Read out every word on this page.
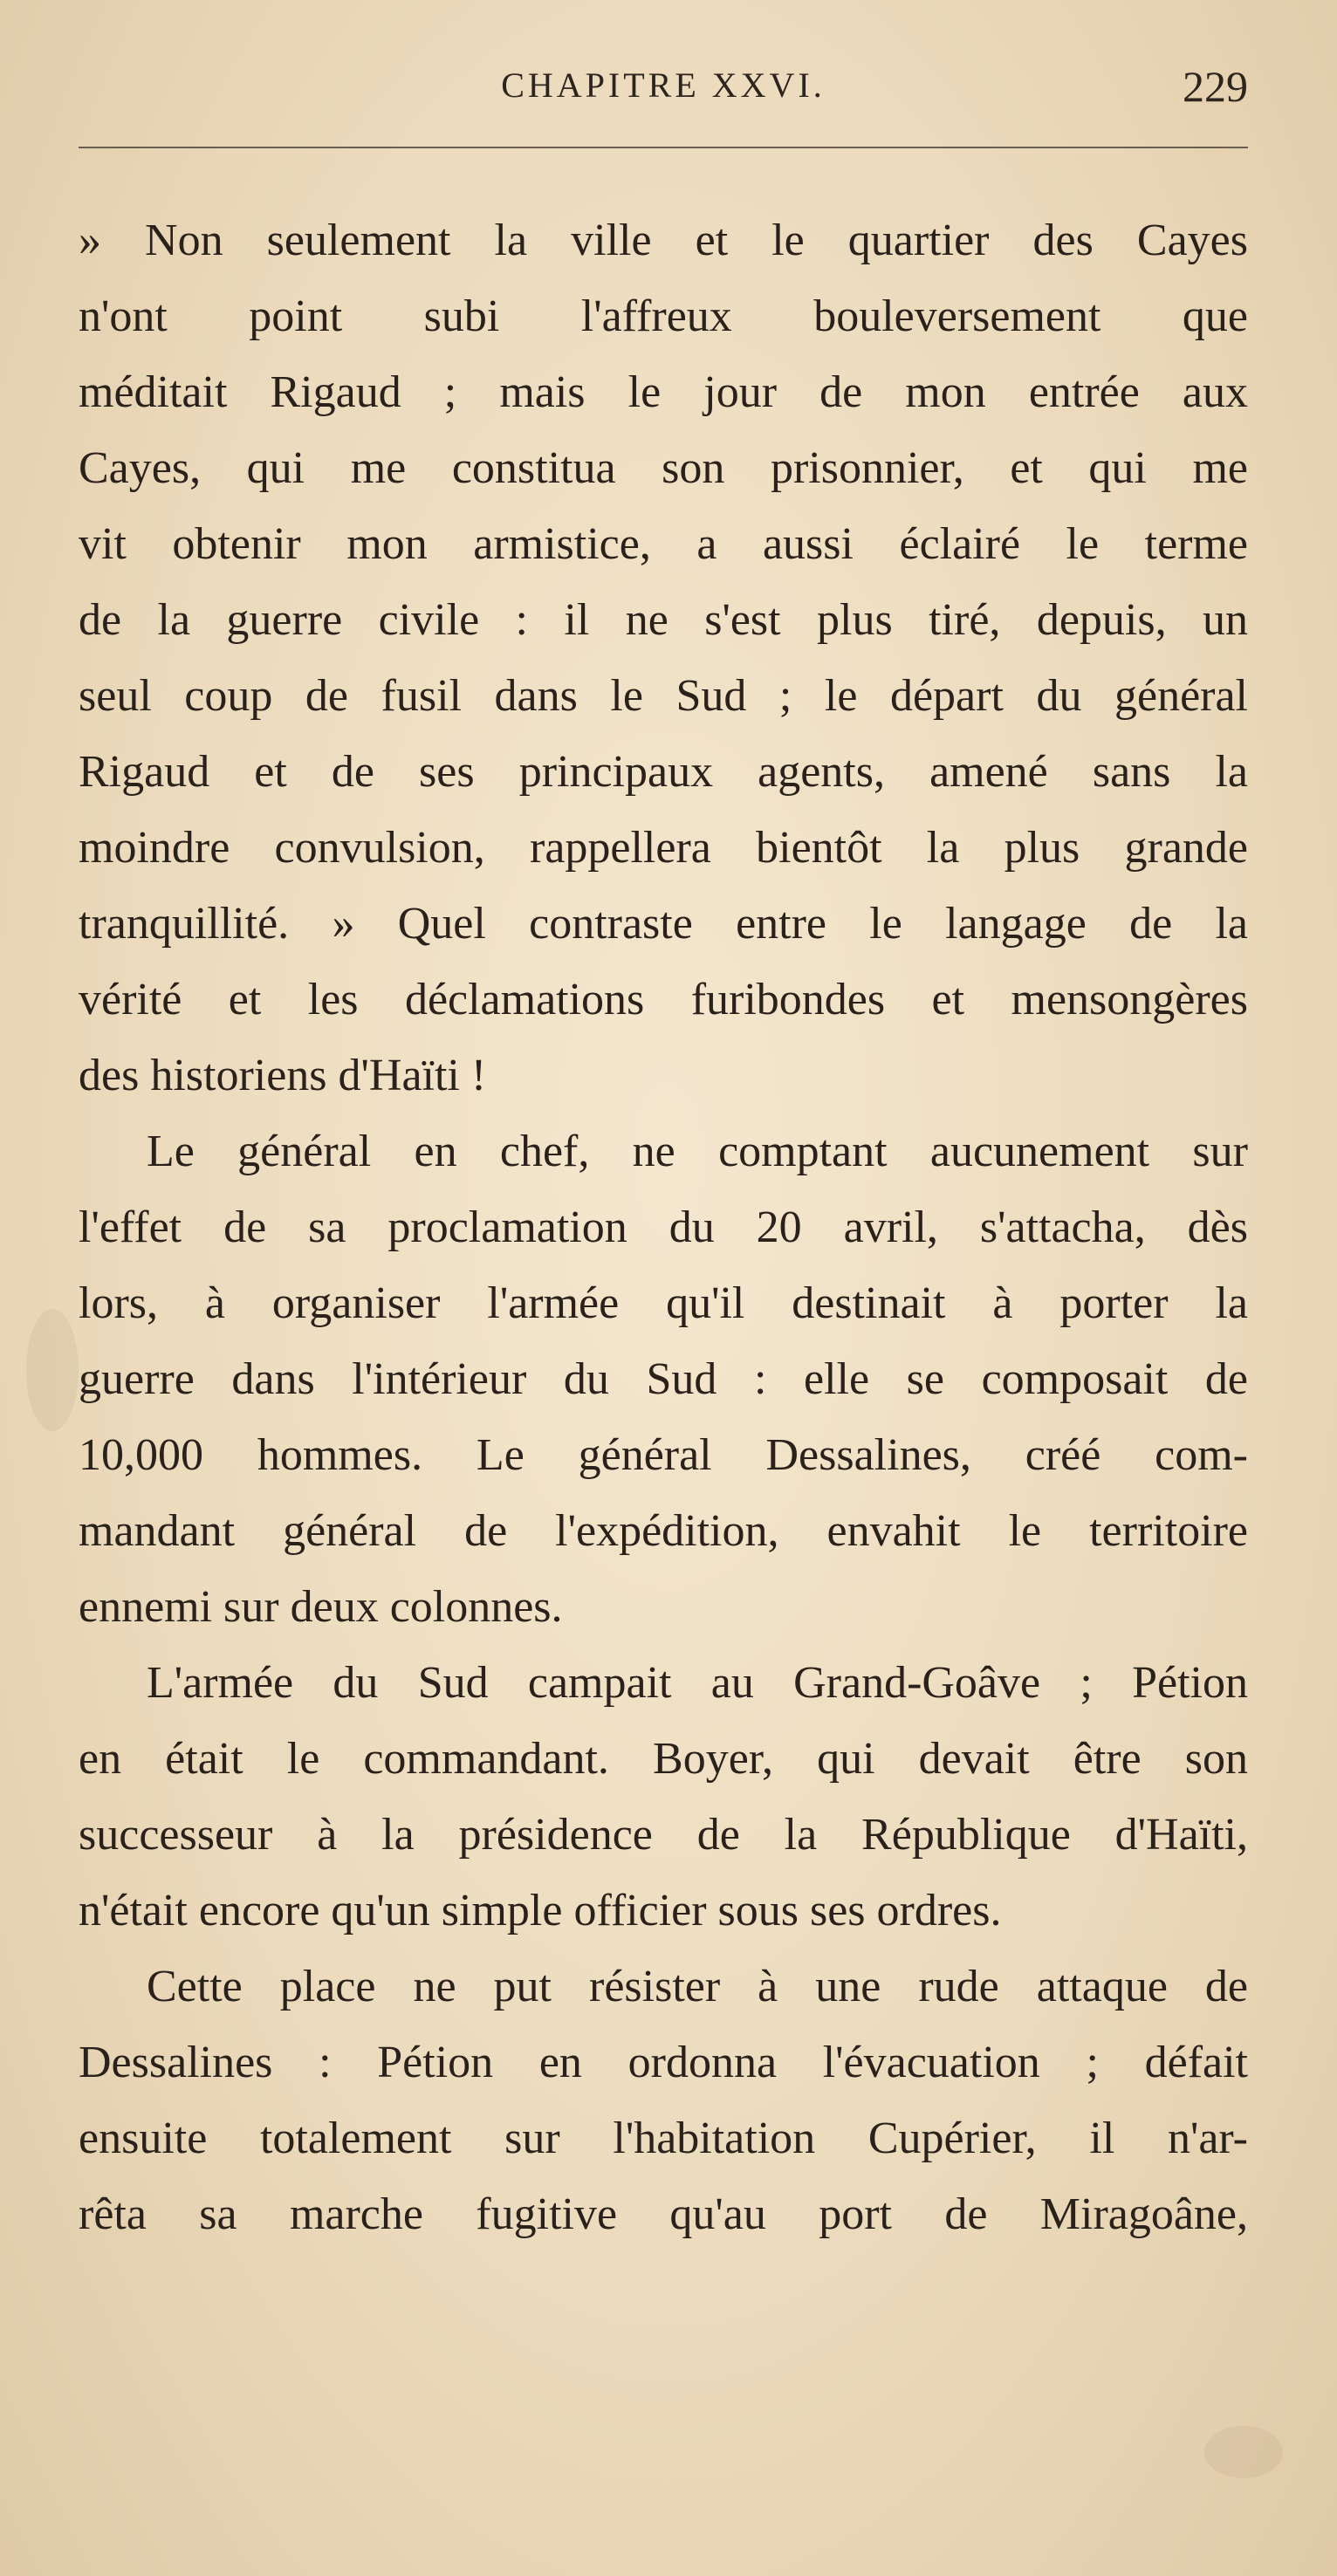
CHAPITRE XXVI.	229
» Non seulement la ville et le quartier des Cayes
n'ont point subi l'affreux bouleversement que
méditait Rigaud ; mais le jour de mon entrée aux
Cayes, qui me constitua son prisonnier, et qui me
vit obtenir mon armistice, a aussi éclairé le terme
de la guerre civile : il ne s'est plus tiré, depuis, un
seul coup de fusil dans le Sud ; le départ du général
Rigaud et de ses principaux agents, amené sans la
moindre convulsion, rappellera bientôt la plus grande
tranquillité. » Quel contraste entre le langage de la
vérité et les déclamations furibondes et mensongères
des historiens d'Haïti !
Le général en chef, ne comptant aucunement sur
l'effet de sa proclamation du 20 avril, s'attacha, dès
lors, à organiser l'armée qu'il destinait à porter la
guerre dans l'intérieur du Sud : elle se composait de
10,000 hommes. Le général Dessalines, créé com-
mandant général de l'expédition, envahit le territoire
ennemi sur deux colonnes.
L'armée du Sud campait au Grand-Goâve ; Pétion
en était le commandant. Boyer, qui devait être son
successeur à la présidence de la République d'Haïti,
n'était encore qu'un simple officier sous ses ordres.
Cette place ne put résister à une rude attaque de
Dessalines : Pétion en ordonna l'évacuation ; défait
ensuite totalement sur l'habitation Cupérier, il n'ar-
rêta sa marche fugitive qu'au port de Miragoâne,
